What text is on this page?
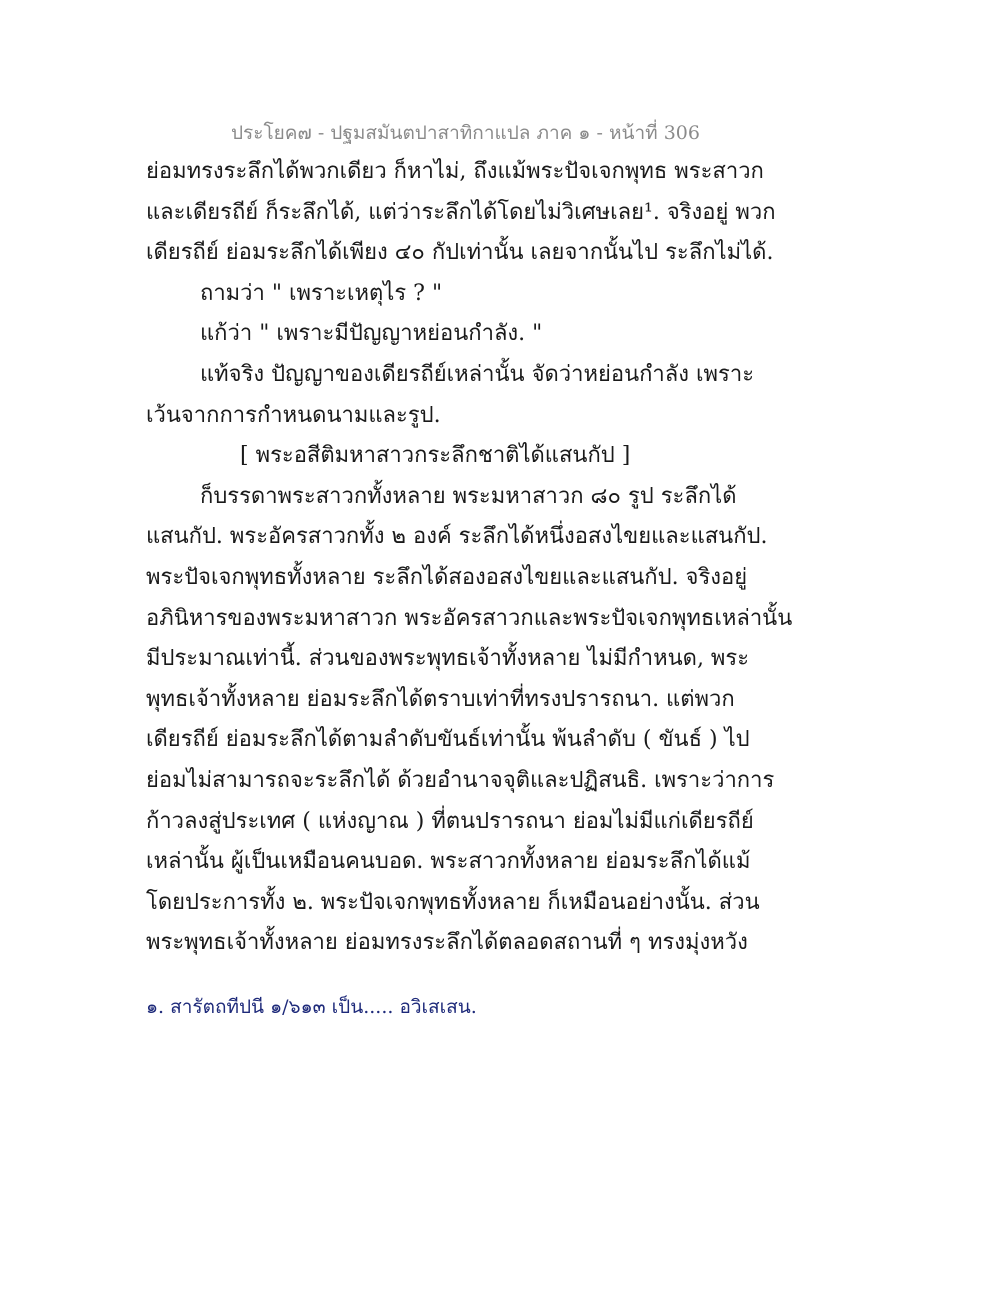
ประโยค๗ - ปฐมสมันตปาสาทิกาแปล ภาค ๑ - หน้าที่ 306
ย่อมทรงระลึกได้พวกเดียว ก็หาไม่, ถึงแม้พระปัจเจกพุทธ พระสาวก
และเดียรถีย์ ก็ระลึกได้, แต่ว่าระลึกได้โดยไม่วิเศษเลย¹. จริงอยู่ พวก
เดียรถีย์ ย่อมระลึกได้เพียง ๔๐ กัปเท่านั้น เลยจากนั้นไป ระลึกไม่ได้.
ถามว่า " เพราะเหตุไร ? "
แก้ว่า " เพราะมีปัญญาหย่อนกำลัง. "
แท้จริง ปัญญาของเดียรถีย์เหล่านั้น จัดว่าหย่อนกำลัง เพราะ
เว้นจากการกำหนดนามและรูป.
[ พระอสีติมหาสาวกระลึกชาติได้แสนกัป ]
ก็บรรดาพระสาวกทั้งหลาย พระมหาสาวก ๘๐ รูป ระลึกได้
แสนกัป. พระอัครสาวกทั้ง ๒ องค์ ระลึกได้หนึ่งอสงไขยและแสนกัป.
พระปัจเจกพุทธทั้งหลาย ระลึกได้สองอสงไขยและแสนกัป. จริงอยู่
อภินิหารของพระมหาสาวก พระอัครสาวกและพระปัจเจกพุทธเหล่านั้น
มีประมาณเท่านี้. ส่วนของพระพุทธเจ้าทั้งหลาย ไม่มีกำหนด, พระ
พุทธเจ้าทั้งหลาย ย่อมระลึกได้ตราบเท่าที่ทรงปรารถนา. แต่พวก
เดียรถีย์ ย่อมระลึกได้ตามลำดับขันธ์เท่านั้น พ้นลำดับ ( ขันธ์ ) ไป
ย่อมไม่สามารถจะระลึกได้ ด้วยอำนาจจุติและปฏิสนธิ. เพราะว่าการ
ก้าวลงสู่ประเทศ ( แห่งญาณ ) ที่ตนปรารถนา ย่อมไม่มีแก่เดียรถีย์
เหล่านั้น ผู้เป็นเหมือนคนบอด. พระสาวกทั้งหลาย ย่อมระลึกได้แม้
โดยประการทั้ง ๒. พระปัจเจกพุทธทั้งหลาย ก็เหมือนอย่างนั้น. ส่วน
พระพุทธเจ้าทั้งหลาย ย่อมทรงระลึกได้ตลอดสถานที่ ๆ ทรงมุ่งหวัง
๑. สารัตถทีปนี ๑/๖๑๓ เป็น..... อวิเสเสน.
